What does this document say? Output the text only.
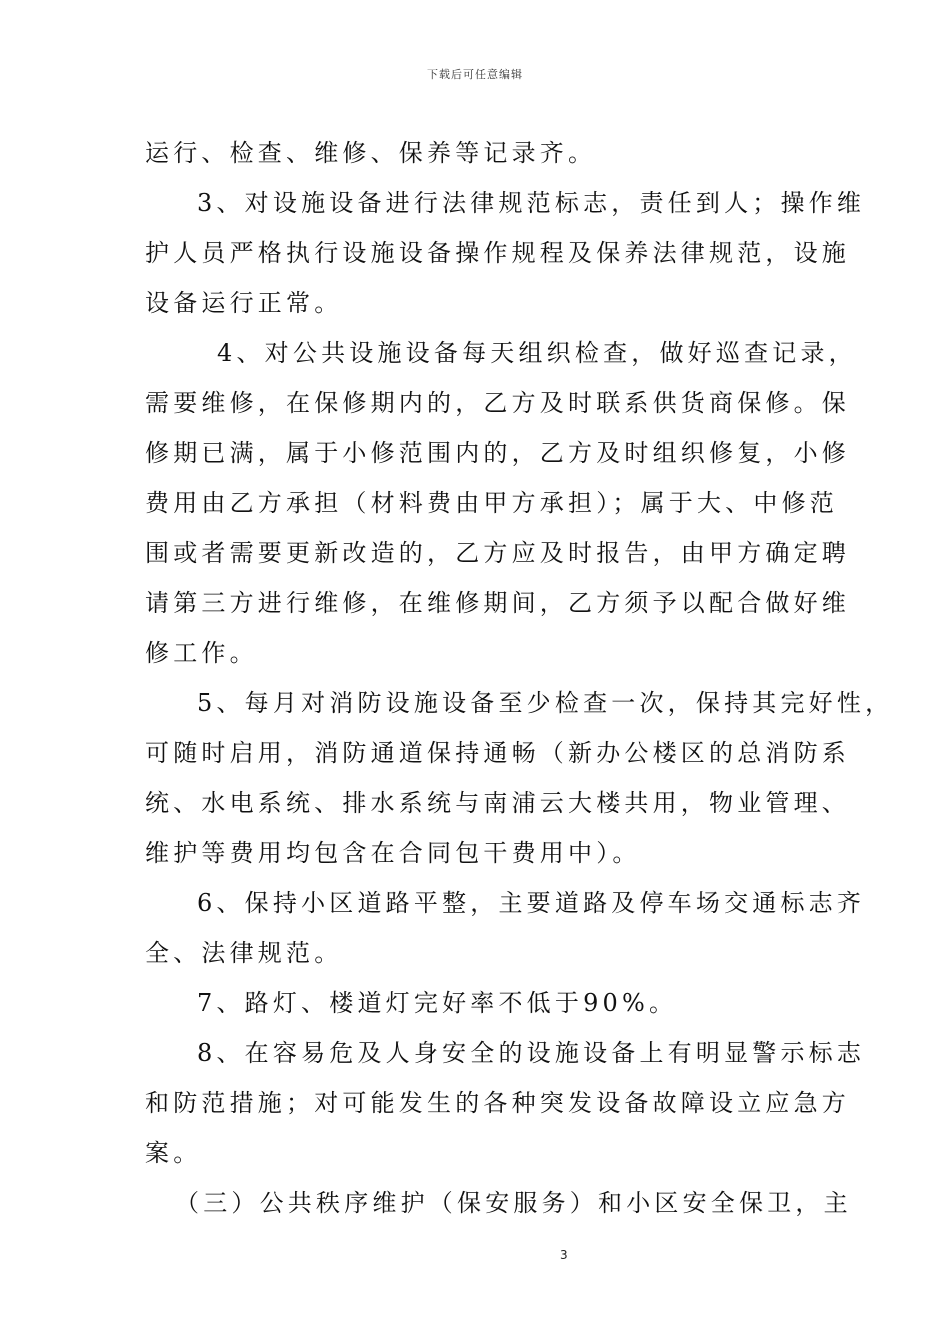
下载后可任意编辑
运行、检查、维修、保养等记录齐。
3、对设施设备进行法律规范标志，责任到人；操作维
护人员严格执行设施设备操作规程及保养法律规范，设施
设备运行正常。
4、对公共设施设备每天组织检查，做好巡查记录，
需要维修，在保修期内的，乙方及时联系供货商保修。保
修期已满，属于小修范围内的，乙方及时组织修复，小修
费用由乙方承担（材料费由甲方承担）；属于大、中修范
围或者需要更新改造的，乙方应及时报告，由甲方确定聘
请第三方进行维修，在维修期间，乙方须予以配合做好维
修工作。
5、每月对消防设施设备至少检查一次，保持其完好性，
可随时启用，消防通道保持通畅（新办公楼区的总消防系
统、水电系统、排水系统与南浦云大楼共用，物业管理、
维护等费用均包含在合同包干费用中）。
6、保持小区道路平整，主要道路及停车场交通标志齐
全、法律规范。
7、路灯、楼道灯完好率不低于90%。
8、在容易危及人身安全的设施设备上有明显警示标志
和防范措施；对可能发生的各种突发设备故障设立应急方
案。
（三）公共秩序维护（保安服务）和小区安全保卫，主
3
